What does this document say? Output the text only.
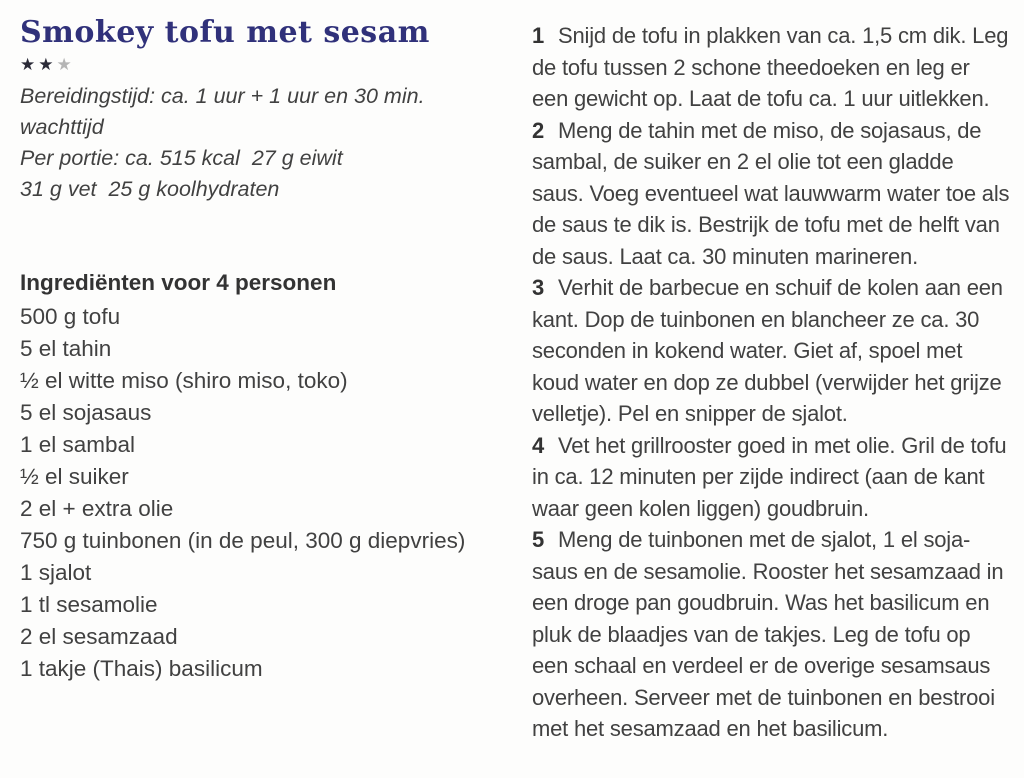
Smokey tofu met sesam
★★★
Bereidingstijd: ca. 1 uur + 1 uur en 30 min. wachttijd
Per portie: ca. 515 kcal  27 g eiwit
31 g vet  25 g koolhydraten
Ingrediënten voor 4 personen
500 g tofu
5 el tahin
½ el witte miso (shiro miso, toko)
5 el sojasaus
1 el sambal
½ el suiker
2 el + extra olie
750 g tuinbonen (in de peul, 300 g diepvries)
1 sjalot
1 tl sesamolie
2 el sesamzaad
1 takje (Thais) basilicum

1 Snijd de tofu in plakken van ca. 1,5 cm dik. Leg de tofu tussen 2 schone theedoeken en leg er een gewicht op. Laat de tofu ca. 1 uur uitlekken.

2 Meng de tahin met de miso, de sojasaus, de sambal, de suiker en 2 el olie tot een gladde saus. Voeg eventueel wat lauwwarm water toe als de saus te dik is. Bestrijk de tofu met de helft van de saus. Laat ca. 30 minuten marineren.

3 Verhit de barbecue en schuif de kolen aan een kant. Dop de tuinbonen en blancheer ze ca. 30 seconden in kokend water. Giet af, spoel met koud water en dop ze dubbel (verwijder het grijze velletje). Pel en snipper de sjalot.

4 Vet het grillrooster goed in met olie. Gril de tofu in ca. 12 minuten per zijde indirect (aan de kant waar geen kolen liggen) goudbruin.

5 Meng de tuinbonen met de sjalot, 1 el soja-saus en de sesamolie. Rooster het sesamzaad in een droge pan goudbruin. Was het basilicum en pluk de blaadjes van de takjes. Leg de tofu op een schaal en verdeel er de overige sesamsaus overheen. Serveer met de tuinbonen en bestrooi met het sesamzaad en het basilicum.
